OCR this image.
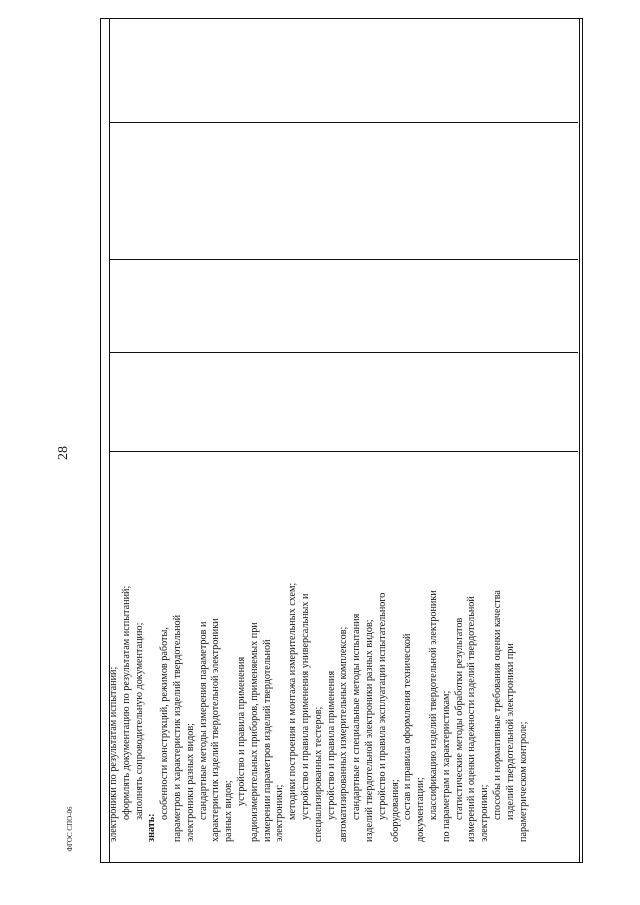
28
ФГОС СПО-06	электроники по результатам испытаний; оформлять документацию по результатам испытаний; заполнять сопроводительную документацию;
знать:
особенности конструкций, режимов работы, параметров и характеристик изделий твердотельной электроники разных видов; стандартные методы измерения параметров и характеристик изделий твердотельной электроники разных видов;
устройство и правила применения радиоизмерительных приборов, применяемых при измерении параметров изделий твердотельной электроники; методики построения и монтажа измерительных схем; устройство и правила применения универсальных и специализированных тестеров; устройство и правила применения автоматизированных измерительных комплексов; стандартные и специальные методы испытания изделий твердотельной электроники разных видов; устройство и правила эксплуатации испытательного оборудования; состав и правила оформления технической документации; классификацию изделий твердотельной электроники по параметрам и характеристикам; статистические методы обработки результатов измерений и оценки надежности изделий твердотельной электроники; способы и нормативные требования оценки качества изделий твердотельной электроники при параметрическом контроле;
